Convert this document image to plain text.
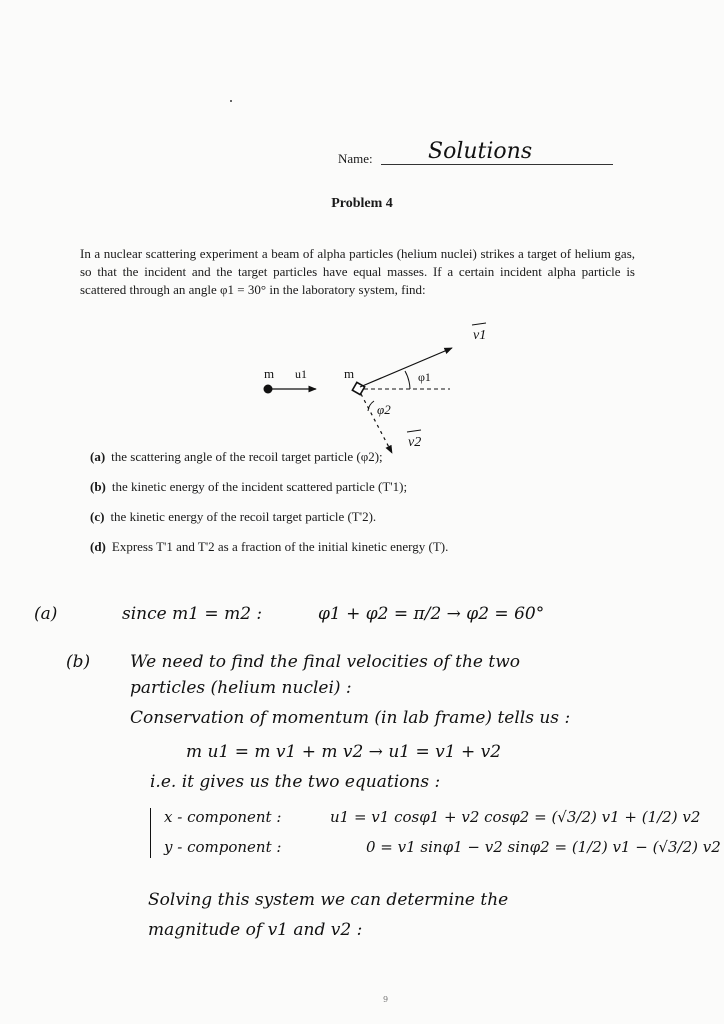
Name:	Solutions
Problem 4
In a nuclear scattering experiment a beam of alpha particles (helium nuclei) strikes a target of helium gas, so that the incident and the target particles have equal masses. If a certain incident alpha particle is scattered through an angle φ1 = 30° in the laboratory system, find:
m u1	m
v1
φ1
φ2
v2
(a) the scattering angle of the recoil target particle (φ2);
(b) the kinetic energy of the incident scattered particle (T'1);
(c) the kinetic energy of the recoil target particle (T'2).
(d) Express T'1 and T'2 as a fraction of the initial kinetic energy (T).
(a)	since m1 = m2 :	φ1 + φ2 = π/2 → φ2 = 60°
(b) We need to find the final velocities of the two
particles (helium nuclei) :
Conservation of momentum (in lab frame) tells us :
m u1 = m v1 + m v2 → u1 = v1 + v2
i.e. it gives us the two equations :
x - component :	u1 = v1 cosφ1 + v2 cosφ2 = (√3/2) v1 + (1/2) v2
y - component :	0 = v1 sinφ1 − v2 sinφ2 = (1/2) v1 − (√3/2) v2
Solving this system we can determine the
magnitude of v1 and v2 :
9
